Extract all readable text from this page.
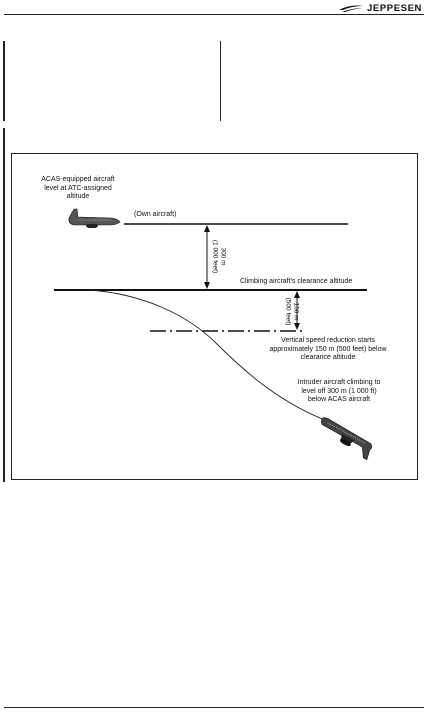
JEPPESEN
ACAS-equipped aircraft
level at ATC-assigned
altitude
(Own aircraft)
300 m
(1 000 feet)
Climbing aircraft's clearance altitude
150 m
(500 feet)
Vertical speed reduction starts
approximately 150 m (500 feet) below
clearance altitude
Intruder aircraft climbing to
level off 300 m (1 000 ft)
below ACAS aircraft
